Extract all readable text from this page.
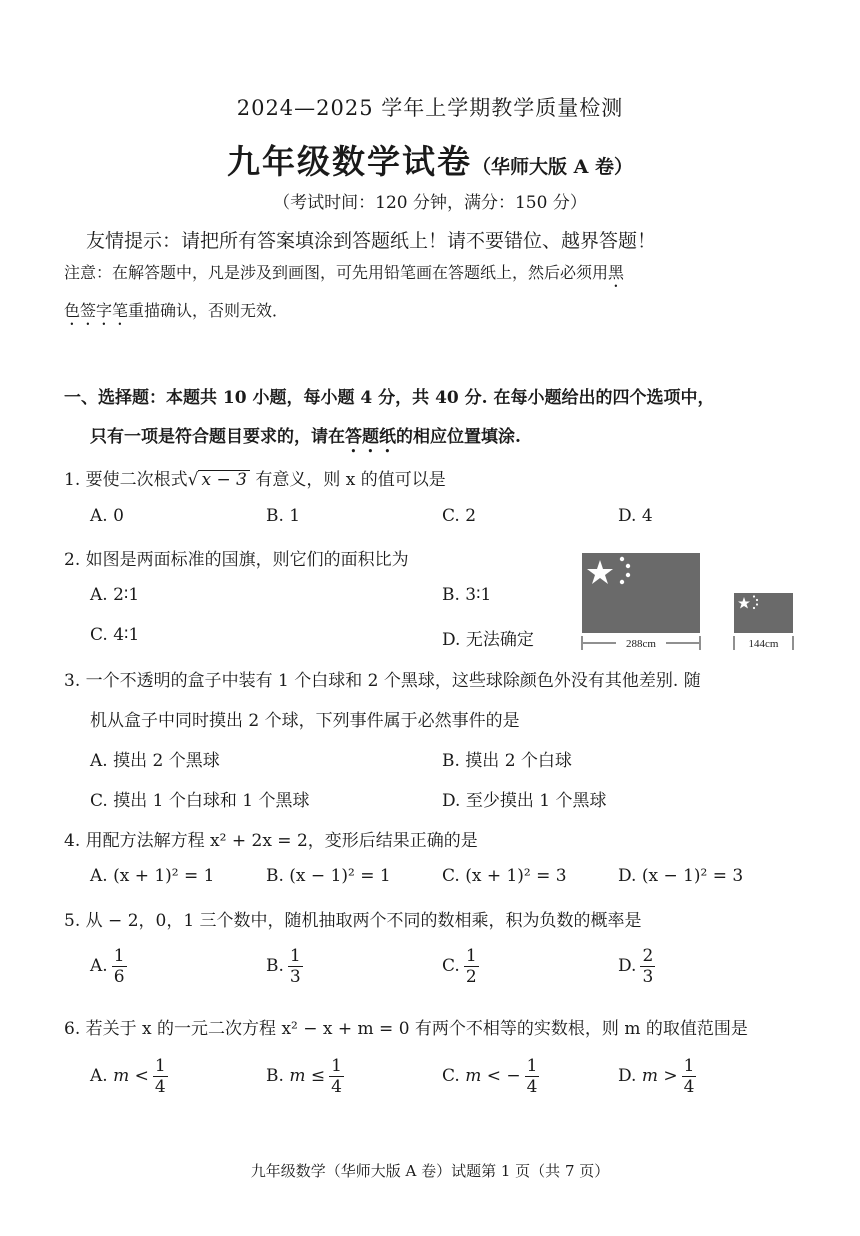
2024—2025 学年上学期教学质量检测
九年级数学试卷（华师大版 A 卷）
（考试时间：120 分钟，满分：150 分）
友情提示：请把所有答案填涂到答题纸上！请不要错位、越界答题！
注意：在解答题中，凡是涉及到画图，可先用铅笔画在答题纸上，然后必须用黑
色签字笔重描确认，否则无效．
一、选择题：本题共 10 小题，每小题 4 分，共 40 分. 在每小题给出的四个选项中，
只有一项是符合题目要求的，请在答题纸的相应位置填涂.
1. 要使二次根式√ x − 3 有意义，则 x 的值可以是
A. 0	B. 1	C. 2	D. 4
2. 如图是两面标准的国旗，则它们的面积比为
A. 2∶1	B. 3∶1
C. 4∶1	D. 无法确定	288cm	144cm
3. 一个不透明的盒子中装有 1 个白球和 2 个黑球，这些球除颜色外没有其他差别. 随
机从盒子中同时摸出 2 个球，下列事件属于必然事件的是
A. 摸出 2 个黑球	B. 摸出 2 个白球
C. 摸出 1 个白球和 1 个黑球	D. 至少摸出 1 个黑球
4. 用配方法解方程 x² + 2x = 2，变形后结果正确的是
A. (x + 1)² = 1	B. (x − 1)² = 1	C. (x + 1)² = 3	D. (x − 1)² = 3
5. 从 − 2，0，1 三个数中，随机抽取两个不同的数相乘，积为负数的概率是
A. $\frac{1}{6}$	B. $\frac{1}{3}$	C. $\frac{1}{2}$	D. $\frac{2}{3}$
6. 若关于 x 的一元二次方程 x² − x + m = 0 有两个不相等的实数根，则 m 的取值范围是
A. $m < \frac{1}{4}$	B. $m \le \frac{1}{4}$	C. m < − $\frac{1}{4}$	D. $m > \frac{1}{4}$
九年级数学（华师大版 A 卷）试题第 1 页（共 7 页）
